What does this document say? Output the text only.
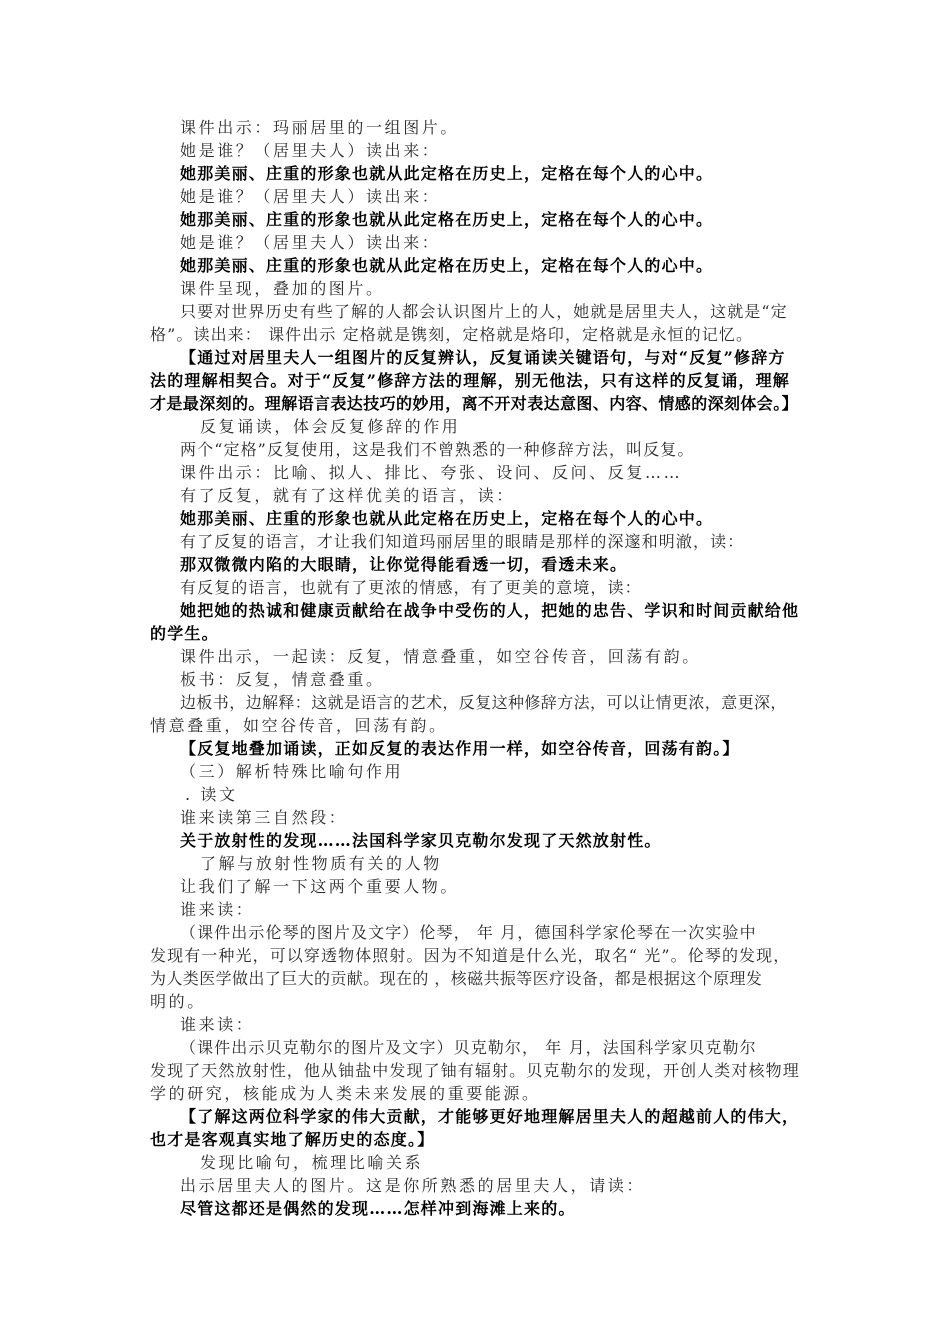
课件出示：玛丽居里的一组图片。
她是谁？（居里夫人）读出来：
她那美丽、庄重的形象也就从此定格在历史上，定格在每个人的心中。
她是谁？（居里夫人）读出来：
她那美丽、庄重的形象也就从此定格在历史上，定格在每个人的心中。
她是谁？（居里夫人）读出来：
她那美丽、庄重的形象也就从此定格在历史上，定格在每个人的心中。
课件呈现，叠加的图片。
只要对世界历史有些了解的人都会认识图片上的人，她就是居里夫人，这就是“定
格”。读出来： 课件出示 定格就是镌刻，定格就是烙印，定格就是永恒的记忆。
【通过对居里夫人一组图片的反复辨认，反复诵读关键语句，与对“反复”修辞方
法的理解相契合。对于“反复”修辞方法的理解，别无他法，只有这样的反复诵，理解
才是最深刻的。理解语言表达技巧的妙用，离不开对表达意图、内容、情感的深刻体会。】
反复诵读，体会反复修辞的作用
两个“定格”反复使用，这是我们不曾熟悉的一种修辞方法，叫反复。
课件出示：比喻、拟人、排比、夸张、设问、反问、反复……
有了反复，就有了这样优美的语言，读：
她那美丽、庄重的形象也就从此定格在历史上，定格在每个人的心中。
有了反复的语言，才让我们知道玛丽居里的眼睛是那样的深邃和明澈，读：
那双微微内陷的大眼睛，让你觉得能看透一切，看透未来。
有反复的语言，也就有了更浓的情感，有了更美的意境，读：
她把她的热诚和健康贡献给在战争中受伤的人，把她的忠告、学识和时间贡献给他
的学生。
课件出示，一起读：反复，情意叠重，如空谷传音，回荡有韵。
板书：反复，情意叠重。
边板书，边解释：这就是语言的艺术，反复这种修辞方法，可以让情更浓，意更深，
情意叠重，如空谷传音，回荡有韵。
【反复地叠加诵读，正如反复的表达作用一样，如空谷传音，回荡有韵。】
（三）解析特殊比喻句作用
. 读文
谁来读第三自然段：
关于放射性的发现……法国科学家贝克勒尔发现了天然放射性。
了解与放射性物质有关的人物
让我们了解一下这两个重要人物。
谁来读：
（课件出示伦琴的图片及文字）伦琴， 年 月，德国科学家伦琴在一次实验中
发现有一种光，可以穿透物体照射。因为不知道是什么光，取名“ 光”。伦琴的发现，
为人类医学做出了巨大的贡献。现在的 ，核磁共振等医疗设备，都是根据这个原理发
明的。
谁来读：
（课件出示贝克勒尔的图片及文字）贝克勒尔， 年 月，法国科学家贝克勒尔
发现了天然放射性，他从铀盐中发现了铀有辐射。贝克勒尔的发现，开创人类对核物理
学的研究，核能成为人类未来发展的重要能源。
【了解这两位科学家的伟大贡献，才能够更好地理解居里夫人的超越前人的伟大，
也才是客观真实地了解历史的态度。】
发现比喻句，梳理比喻关系
出示居里夫人的图片。这是你所熟悉的居里夫人，请读：
尽管这都还是偶然的发现……怎样冲到海滩上来的。
